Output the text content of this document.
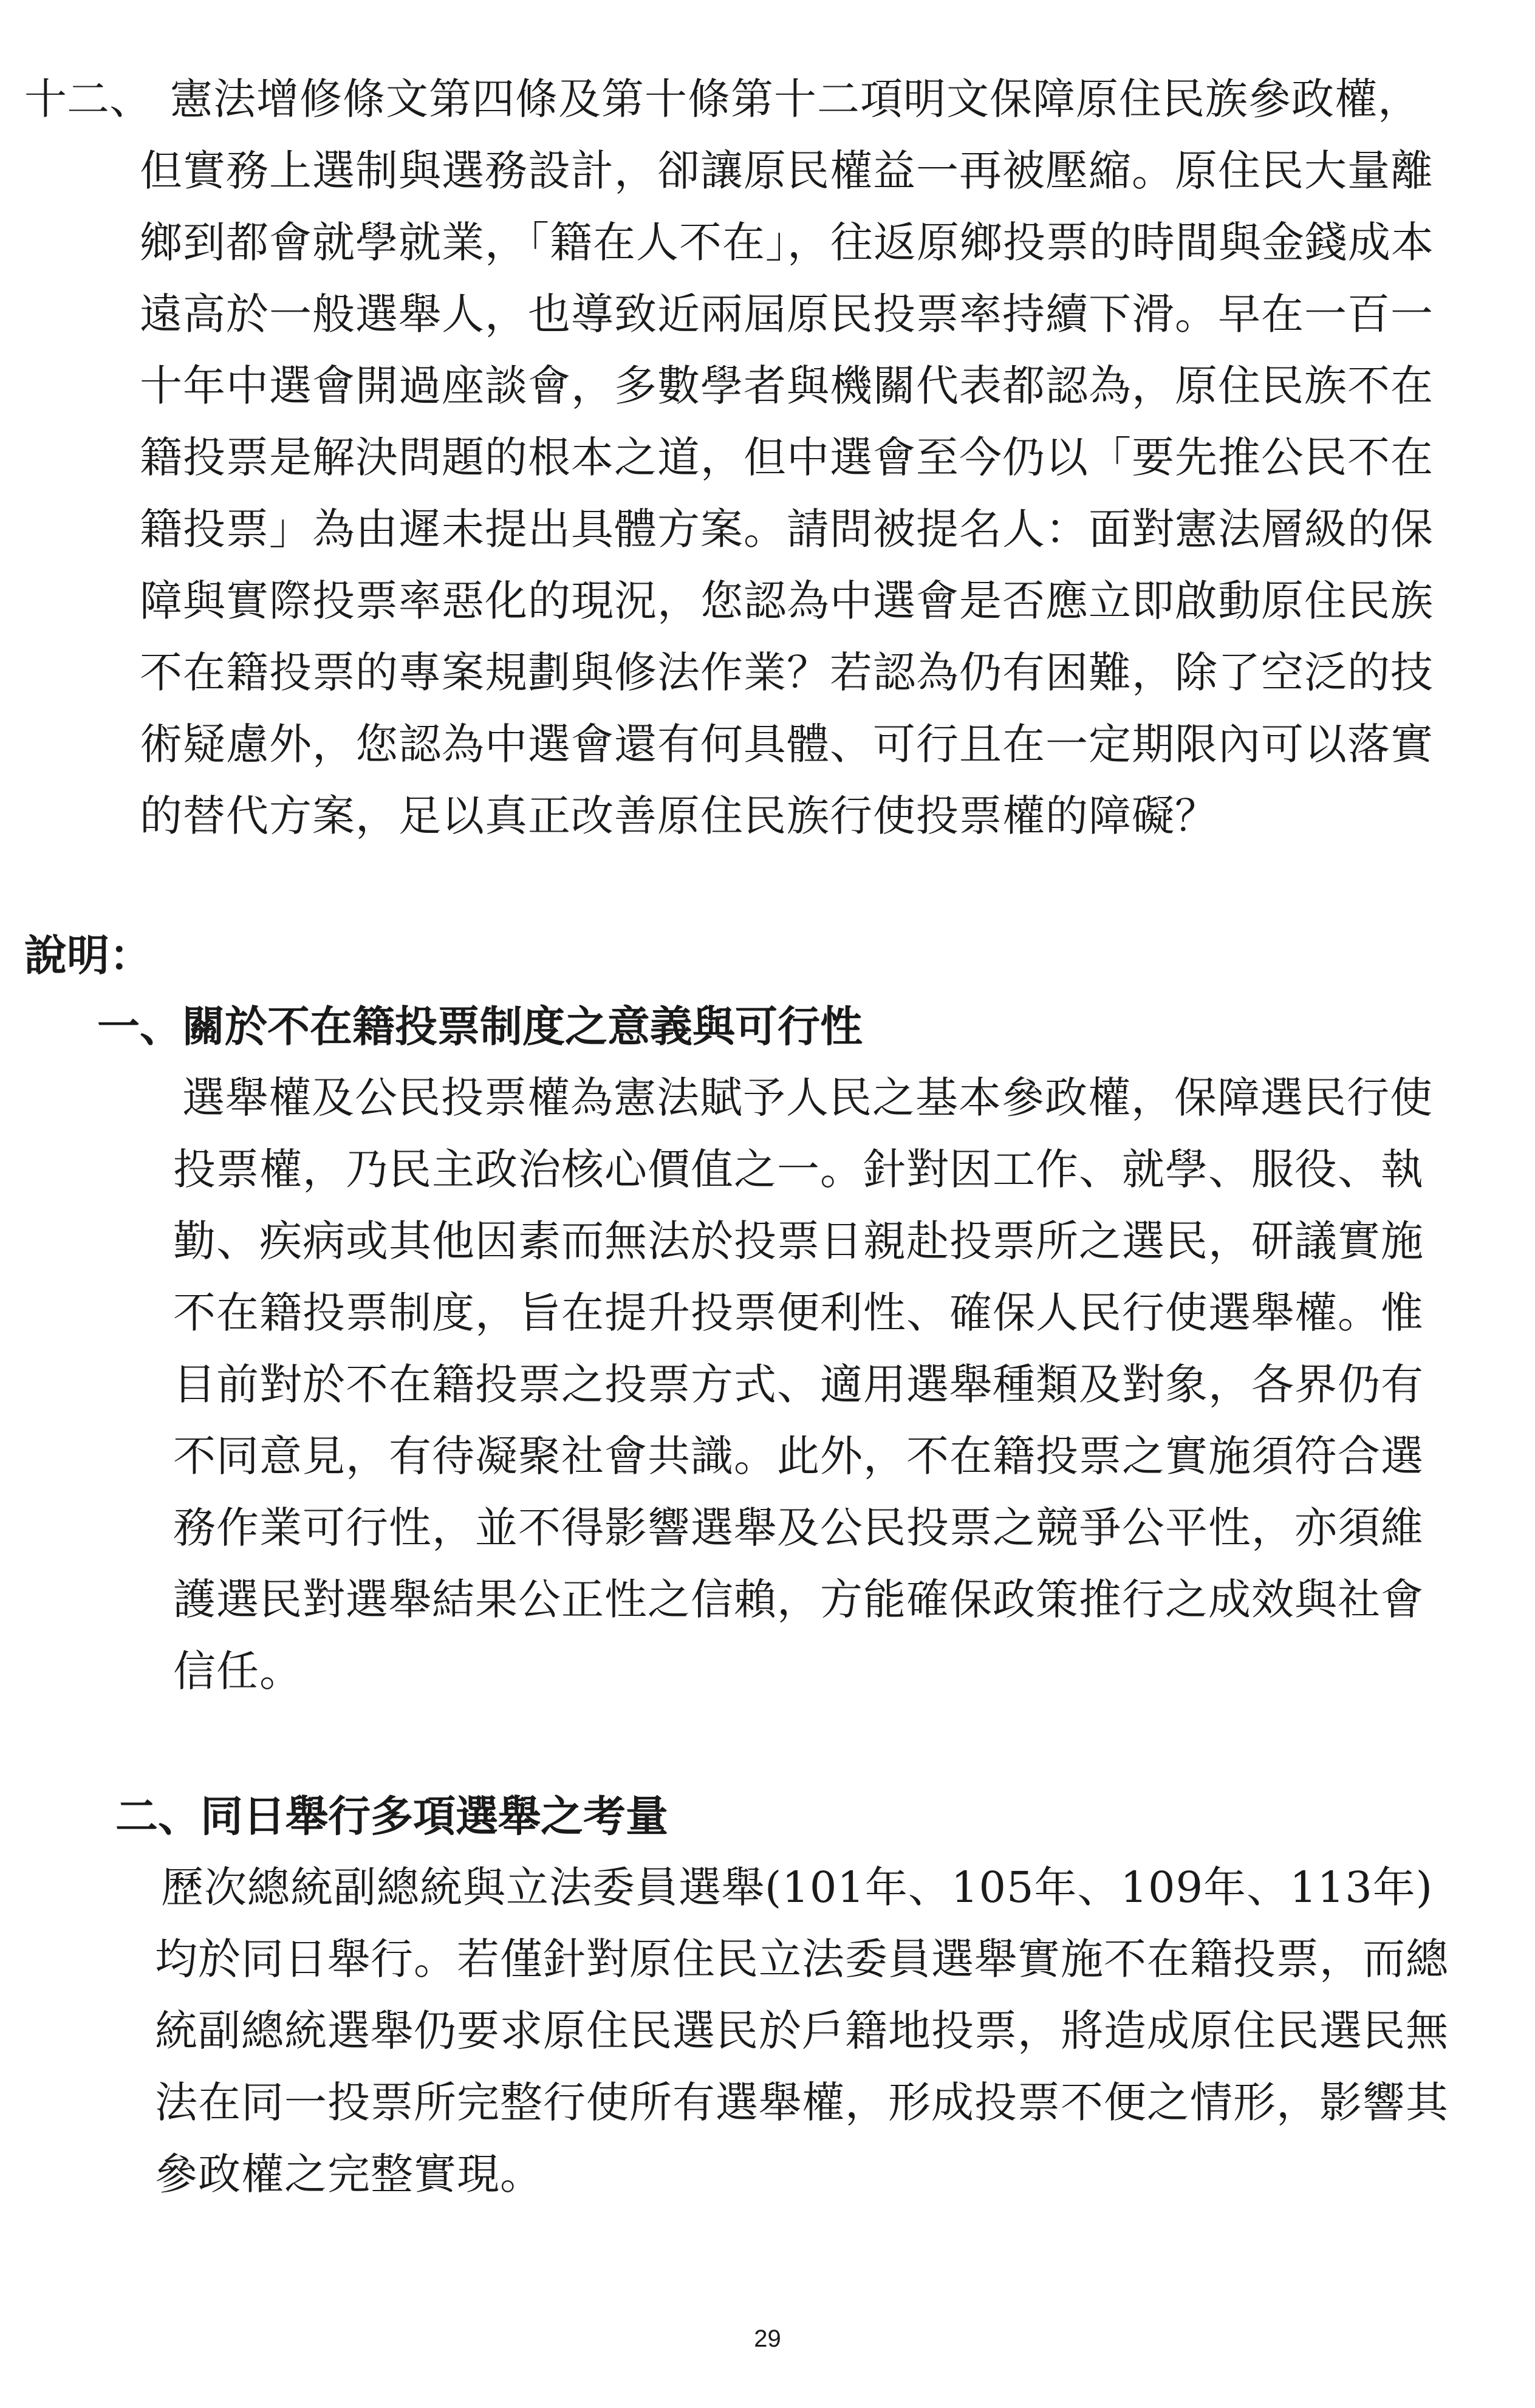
十二、 憲法增修條文第四條及第十條第十二項明文保障原住民族參政權，
但實務上選制與選務設計，卻讓原民權益一再被壓縮。原住民大量離
鄉到都會就學就業，「籍在人不在」，往返原鄉投票的時間與金錢成本
遠高於一般選舉人，也導致近兩屆原民投票率持續下滑。早在一百一
十年中選會開過座談會，多數學者與機關代表都認為，原住民族不在
籍投票是解決問題的根本之道，但中選會至今仍以「要先推公民不在
籍投票」為由遲未提出具體方案。請問被提名人：面對憲法層級的保
障與實際投票率惡化的現況，您認為中選會是否應立即啟動原住民族
不在籍投票的專案規劃與修法作業？若認為仍有困難，除了空泛的技
術疑慮外，您認為中選會還有何具體、可行且在一定期限內可以落實
的替代方案，足以真正改善原住民族行使投票權的障礙？
說明：
一、關於不在籍投票制度之意義與可行性
選舉權及公民投票權為憲法賦予人民之基本參政權，保障選民行使
投票權，乃民主政治核心價值之一。針對因工作、就學、服役、執
勤、疾病或其他因素而無法於投票日親赴投票所之選民，研議實施
不在籍投票制度，旨在提升投票便利性、確保人民行使選舉權。惟
目前對於不在籍投票之投票方式、適用選舉種類及對象，各界仍有
不同意見，有待凝聚社會共識。此外，不在籍投票之實施須符合選
務作業可行性，並不得影響選舉及公民投票之競爭公平性，亦須維
護選民對選舉結果公正性之信賴，方能確保政策推行之成效與社會
信任。
二、同日舉行多項選舉之考量
歷次總統副總統與立法委員選舉(101年、105年、109年、113年)
均於同日舉行。若僅針對原住民立法委員選舉實施不在籍投票，而總
統副總統選舉仍要求原住民選民於戶籍地投票，將造成原住民選民無
法在同一投票所完整行使所有選舉權，形成投票不便之情形，影響其
參政權之完整實現。
29
